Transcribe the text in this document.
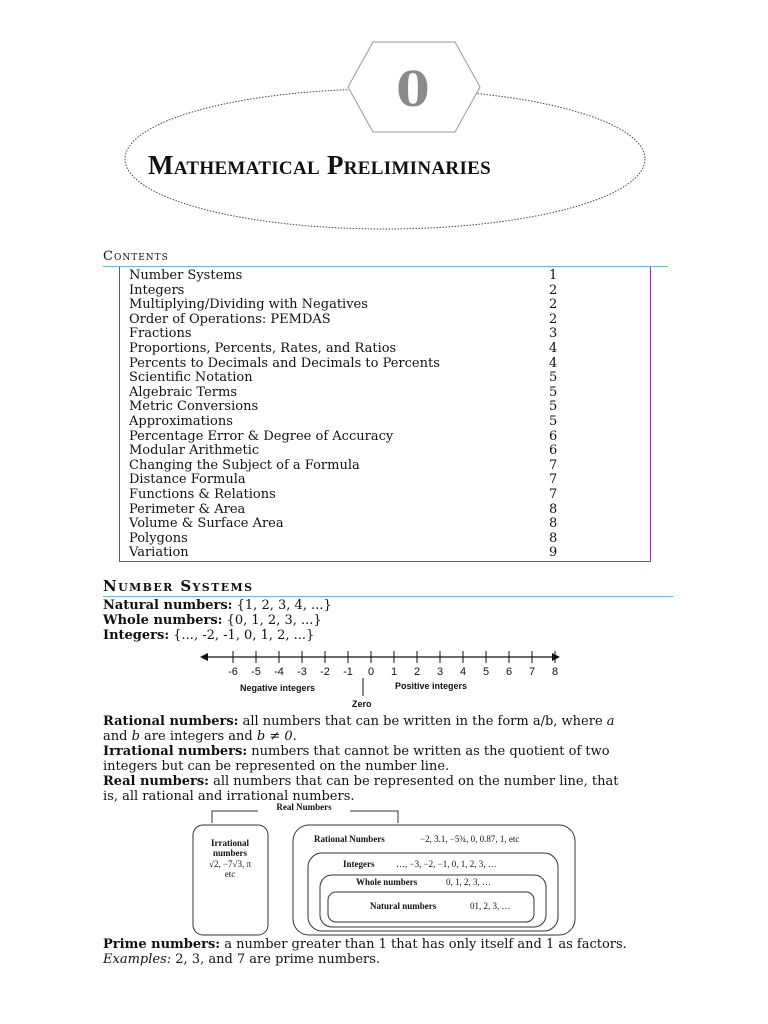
0
Mathematical Preliminaries
Contents
Number Systems	1
Integers	2
Multiplying/Dividing with Negatives	2
Order of Operations: PEMDAS	2
Fractions	3
Proportions, Percents, Rates, and Ratios	4
Percents to Decimals and Decimals to Percents	4
Scientific Notation	5
Algebraic Terms	5
Metric Conversions	5
Approximations	5
Percentage Error & Degree of Accuracy	6
Modular Arithmetic	6
Changing the Subject of a Formula	7
Distance Formula	7
Functions & Relations	7
Perimeter & Area	8
Volume & Surface Area	8
Polygons	8
Variation	9
Number Systems
Natural numbers: {1, 2, 3, 4, ...}
Whole numbers: {0, 1, 2, 3, ...}
Integers: {..., -2, -1, 0, 1, 2, ...}
Negative integers	Positive integers
Zero
-6 -5 -4 -3 -2 -1 0 1 2 3 4 5 6 7 8
Rational numbers: all numbers that can be written in the form a/b, where a
and b are integers and b ≠ 0.
Irrational numbers: numbers that cannot be written as the quotient of two
integers but can be represented on the number line.
Real numbers: all numbers that can be represented on the number line, that
is, all rational and irrational numbers.
Real Numbers
Irrational
numbers
√2, −7√3, π
etc
Rational Numbers	−2, 3.1, −5¾, 0, 0.87, 1, etc
Integers …, −3, −2, −1, 0, 1, 2, 3, …
Whole numbers	0, 1, 2, 3, …
Natural numbers	01, 2, 3, …
Prime numbers: a number greater than 1 that has only itself and 1 as factors.
Examples: 2, 3, and 7 are prime numbers.
